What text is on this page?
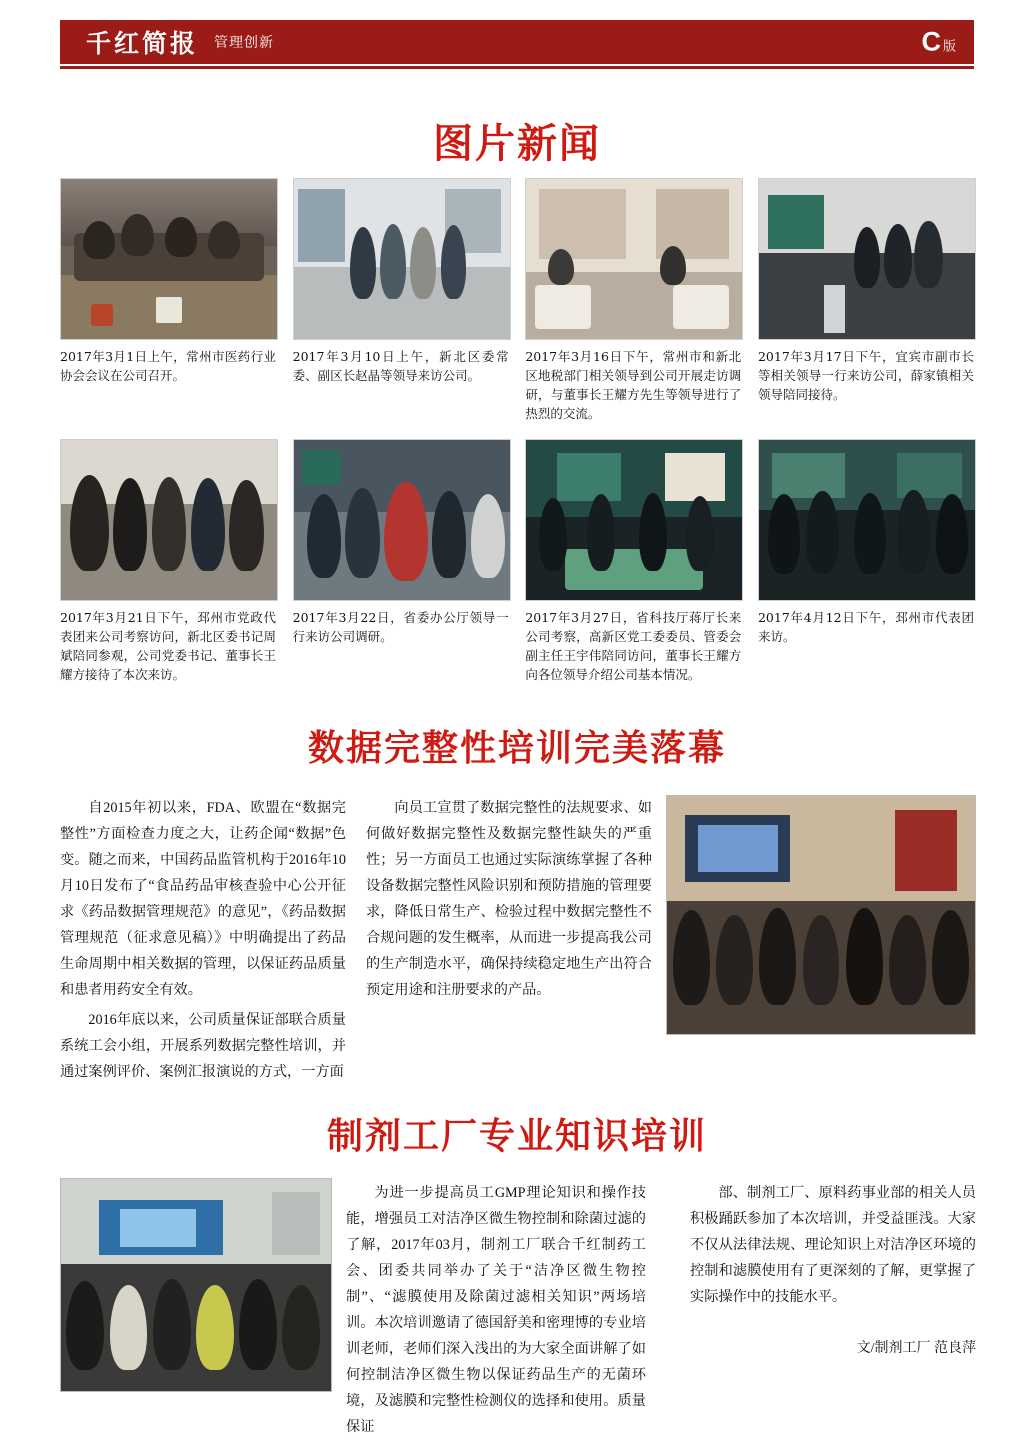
千红简报 管理创新	C 版
图片新闻
2017年3月1日上午，常州市医药行业协会会议在公司召开。
2017年3月10日上午，新北区委常委、副区长赵晶等领导来访公司。
2017年3月16日下午，常州市和新北区地税部门相关领导到公司开展走访调研，与董事长王耀方先生等领导进行了热烈的交流。
2017年3月17日下午，宜宾市副市长等相关领导一行来访公司，薛家镇相关领导陪同接待。
2017年3月21日下午，邳州市党政代表团来公司考察访问，新北区委书记周斌陪同参观，公司党委书记、董事长王耀方接待了本次来访。
2017年3月22日，省委办公厅领导一行来访公司调研。
2017年3月27日，省科技厅蒋厅长来公司考察，高新区党工委委员、管委会副主任王宇伟陪同访问，董事长王耀方向各位领导介绍公司基本情况。
2017年4月12日下午，邳州市代表团来访。
数据完整性培训完美落幕

自2015年初以来，FDA、欧盟在“数据完整性”方面检查力度之大，让药企闻“数据”色变。随之而来，中国药品监管机构于2016年10月10日发布了“食品药品审核查验中心公开征求《药品数据管理规范》的意见”，《药品数据管理规范（征求意见稿）》中明确提出了药品生命周期中相关数据的管理，以保证药品质量和患者用药安全有效。

2016年底以来，公司质量保证部联合质量系统工会小组，开展系列数据完整性培训，并通过案例评价、案例汇报演说的方式，一方面

向员工宣贯了数据完整性的法规要求、如何做好数据完整性及数据完整性缺失的严重性；另一方面员工也通过实际演练掌握了各种设备数据完整性风险识别和预防措施的管理要求，降低日常生产、检验过程中数据完整性不合规问题的发生概率，从而进一步提高我公司的生产制造水平，确保持续稳定地生产出符合预定用途和注册要求的产品。

制剂工厂专业知识培训

为进一步提高员工GMP理论知识和操作技能，增强员工对洁净区微生物控制和除菌过滤的了解，2017年03月，制剂工厂联合千红制药工会、团委共同举办了关于“洁净区微生物控制”、“滤膜使用及除菌过滤相关知识”两场培训。本次培训邀请了德国舒美和密理博的专业培训老师，老师们深入浅出的为大家全面讲解了如何控制洁净区微生物以保证药品生产的无菌环境，及滤膜和完整性检测仪的选择和使用。质量保证

部、制剂工厂、原料药事业部的相关人员积极踊跃参加了本次培训，并受益匪浅。大家不仅从法律法规、理论知识上对洁净区环境的控制和滤膜使用有了更深刻的了解，更掌握了实际操作中的技能水平。

文/制剂工厂 范良萍
